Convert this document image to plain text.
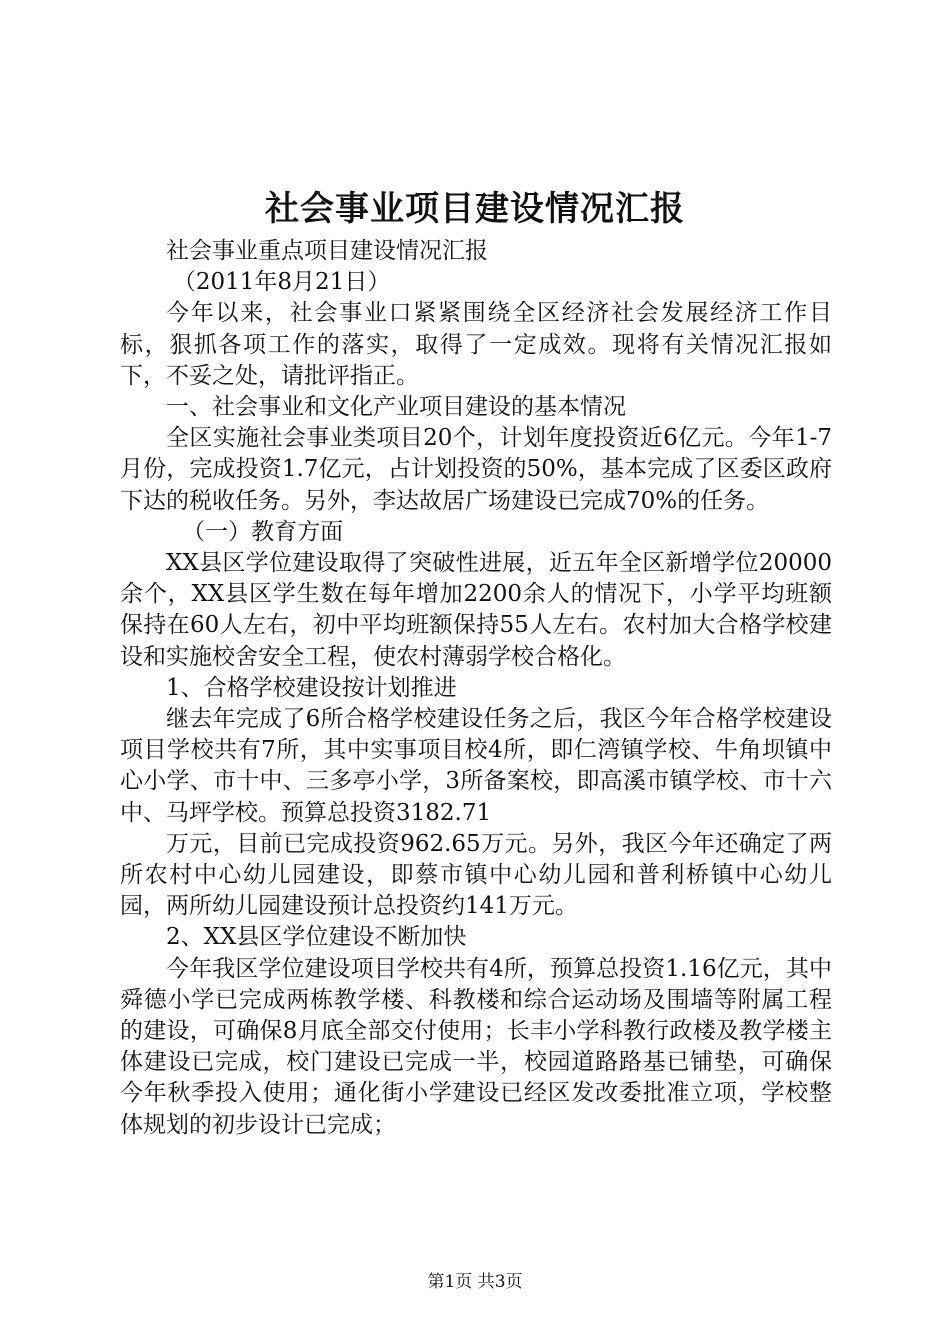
社会事业项目建设情况汇报

社会事业重点项目建设情况汇报

（2011年8月21日）

今年以来，社会事业口紧紧围绕全区经济社会发展经济工作目标，狠抓各项工作的落实，取得了一定成效。现将有关情况汇报如下，不妥之处，请批评指正。

一、社会事业和文化产业项目建设的基本情况

全区实施社会事业类项目20个，计划年度投资近6亿元。今年1-7月份，完成投资1.7亿元，占计划投资的50%，基本完成了区委区政府下达的税收任务。另外，李达故居广场建设已完成70%的任务。

（一）教育方面

XX县区学位建设取得了突破性进展，近五年全区新增学位20000余个，XX县区学生数在每年增加2200余人的情况下，小学平均班额保持在60人左右，初中平均班额保持55人左右。农村加大合格学校建设和实施校舍安全工程，使农村薄弱学校合格化。

1、合格学校建设按计划推进

继去年完成了6所合格学校建设任务之后，我区今年合格学校建设项目学校共有7所，其中实事项目校4所，即仁湾镇学校、牛角坝镇中心小学、市十中、三多亭小学，3所备案校，即高溪市镇学校、市十六中、马坪学校。预算总投资3182.71

万元，目前已完成投资962.65万元。另外，我区今年还确定了两所农村中心幼儿园建设，即蔡市镇中心幼儿园和普利桥镇中心幼儿园，两所幼儿园建设预计总投资约141万元。

2、XX县区学位建设不断加快

今年我区学位建设项目学校共有4所，预算总投资1.16亿元，其中舜德小学已完成两栋教学楼、科教楼和综合运动场及围墙等附属工程的建设，可确保8月底全部交付使用；长丰小学科教行政楼及教学楼主体建设已完成，校门建设已完成一半，校园道路路基已铺垫，可确保今年秋季投入使用；通化街小学建设已经区发改委批准立项，学校整体规划的初步设计已完成；

第1页 共3页
